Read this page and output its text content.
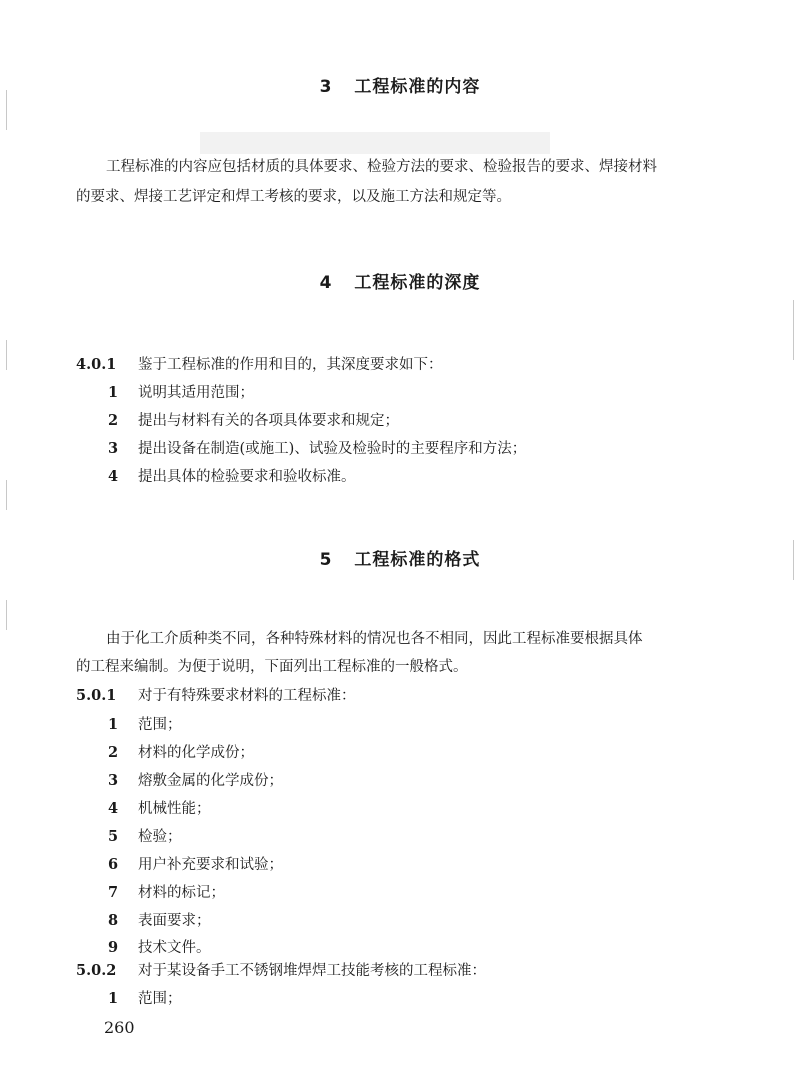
3 工程标准的内容
工程标准的内容应包括材质的具体要求、检验方法的要求、检验报告的要求、焊接材料
的要求、焊接工艺评定和焊工考核的要求，以及施工方法和规定等。
4 工程标准的深度
4.0.1 鉴于工程标准的作用和目的，其深度要求如下：
1 说明其适用范围；
2 提出与材料有关的各项具体要求和规定；
3 提出设备在制造(或施工)、试验及检验时的主要程序和方法；
4 提出具体的检验要求和验收标准。
5 工程标准的格式
由于化工介质种类不同，各种特殊材料的情况也各不相同，因此工程标准要根据具体
的工程来编制。为便于说明，下面列出工程标准的一般格式。
5.0.1 对于有特殊要求材料的工程标准：
1 范围；
2 材料的化学成份；
3 熔敷金属的化学成份；
4 机械性能；
5 检验；
6 用户补充要求和试验；
7 材料的标记；
8 表面要求；
9 技术文件。
5.0.2 对于某设备手工不锈钢堆焊焊工技能考核的工程标准：
1 范围；
260
